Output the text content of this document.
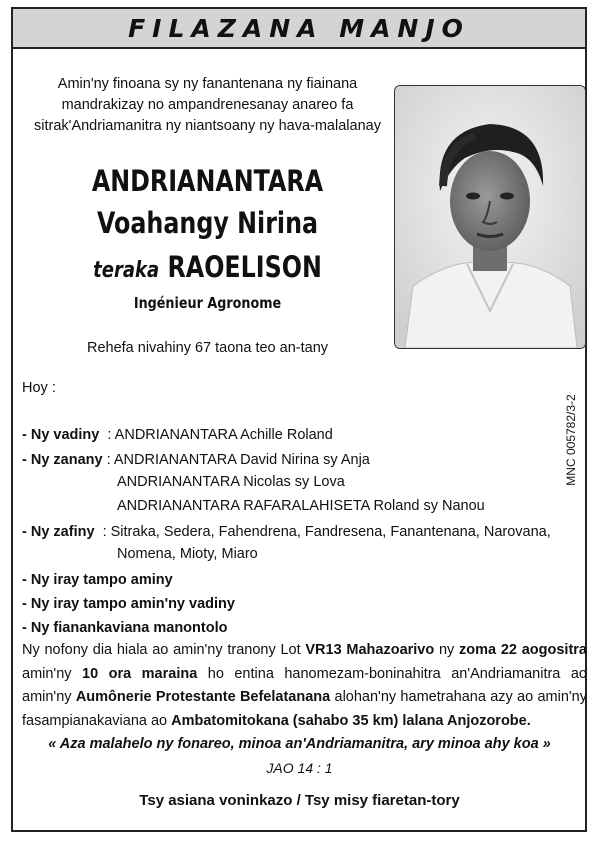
FILAZANA MANJO
Amin'ny finoana sy ny fanantenana ny fiainana
mandrakizay no ampandrenesanay anareo fa
sitrak'Andriamanitra ny niantsoany ny hava-malalanay
ANDRIANANTARA
Voahangy Nirina
teraka RAOELISON
Ingénieur Agronome
Rehefa nivahiny 67 taona teo an-tany
MNC 005782/3-2
Hoy :
- Ny vadiny : ANDRIANANTARA Achille Roland
- Ny zanany : ANDRIANANTARA David Nirina sy Anja
ANDRIANANTARA Nicolas sy Lova
ANDRIANANTARA RAFARALAHISETA Roland sy Nanou
- Ny zafiny : Sitraka, Sedera, Fahendrena, Fandresena, Fanantenana, Narovana,
Nomena, Mioty, Miaro
- Ny iray tampo aminy
- Ny iray tampo amin'ny vadiny
- Ny fianankaviana manontolo
Ny nofony dia hiala ao amin'ny tranony Lot VR13 Mahazoarivo ny zoma 22 aogositra amin'ny 10 ora maraina ho entina hanomezam-boninahitra an'Andriamanitra ao amin'ny Aumônerie Protestante Befelatanana alohan'ny hametrahana azy ao amin'ny fasampianakaviana ao Ambatomitokana (sahabo 35 km) lalana Anjozorobe.
« Aza malahelo ny fonareo, minoa an'Andriamanitra, ary minoa ahy koa »
JAO 14 : 1
Tsy asiana voninkazo / Tsy misy fiaretan-tory
